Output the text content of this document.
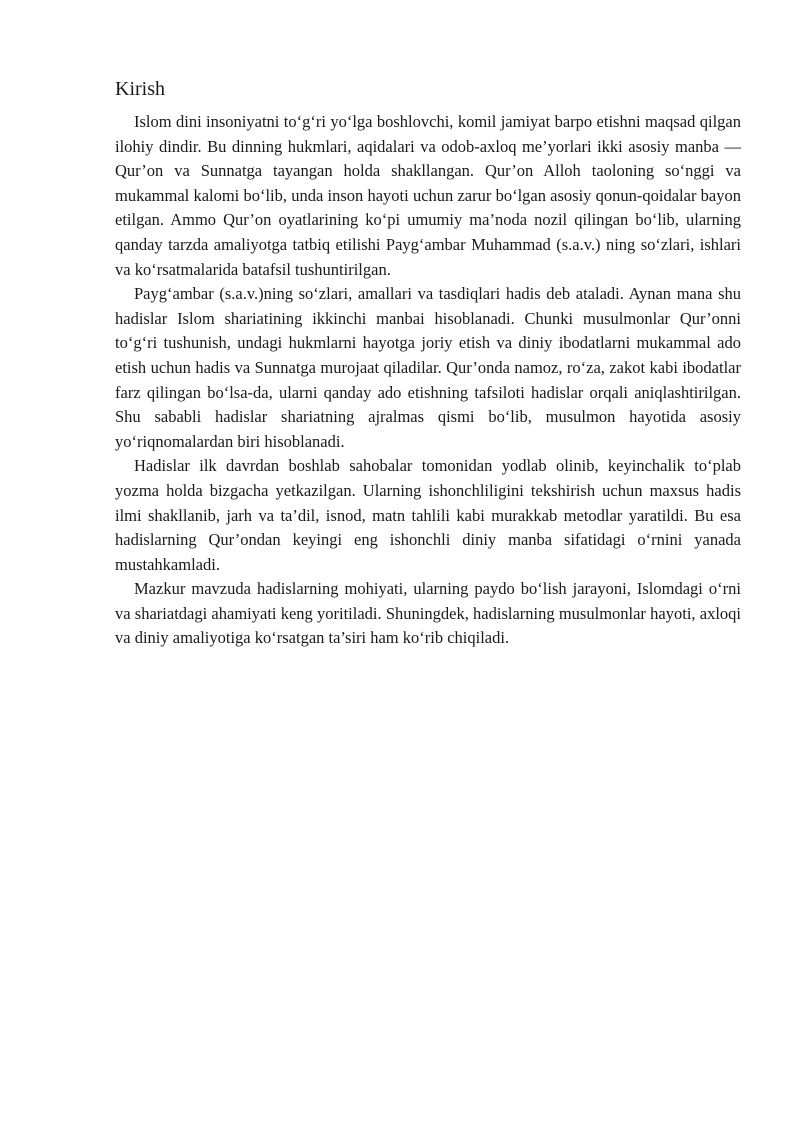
Kirish

Islom dini insoniyatni to‘g‘ri yo‘lga boshlovchi, komil jamiyat barpo etishni maqsad qilgan ilohiy dindir. Bu dinning hukmlari, aqidalari va odob-axloq me’yorlari ikki asosiy manba — Qur’on va Sunnatga tayangan holda shakllangan. Qur’on Alloh taoloning so‘nggi va mukammal kalomi bo‘lib, unda inson hayoti uchun zarur bo‘lgan asosiy qonun-qoidalar bayon etilgan. Ammo Qur’on oyatlarining ko‘pi umumiy ma’noda nozil qilingan bo‘lib, ularning qanday tarzda amaliyotga tatbiq etilishi Payg‘ambar Muhammad (s.a.v.) ning so‘zlari, ishlari va ko‘rsatmalarida batafsil tushuntirilgan.

Payg‘ambar (s.a.v.)ning so‘zlari, amallari va tasdiqlari hadis deb ataladi. Aynan mana shu hadislar Islom shariatining ikkinchi manbai hisoblanadi. Chunki musulmonlar Qur’onni to‘g‘ri tushunish, undagi hukmlarni hayotga joriy etish va diniy ibodatlarni mukammal ado etish uchun hadis va Sunnatga murojaat qiladilar. Qur’onda namoz, ro‘za, zakot kabi ibodatlar farz qilingan bo‘lsa-da, ularni qanday ado etishning tafsiloti hadislar orqali aniqlashtirilgan. Shu sababli hadislar shariatning ajralmas qismi bo‘lib, musulmon hayotida asosiy yo‘riqnomalardan biri hisoblanadi.

Hadislar ilk davrdan boshlab sahobalar tomonidan yodlab olinib, keyinchalik to‘plab yozma holda bizgacha yetkazilgan. Ularning ishonchliligini tekshirish uchun maxsus hadis ilmi shakllanib, jarh va ta’dil, isnod, matn tahlili kabi murakkab metodlar yaratildi. Bu esa hadislarning Qur’ondan keyingi eng ishonchli diniy manba sifatidagi o‘rnini yanada mustahkamladi.

Mazkur mavzuda hadislarning mohiyati, ularning paydo bo‘lish jarayoni, Islomdagi o‘rni va shariatdagi ahamiyati keng yoritiladi. Shuningdek, hadislarning musulmonlar hayoti, axloqi va diniy amaliyotiga ko‘rsatgan ta’siri ham ko‘rib chiqiladi.
